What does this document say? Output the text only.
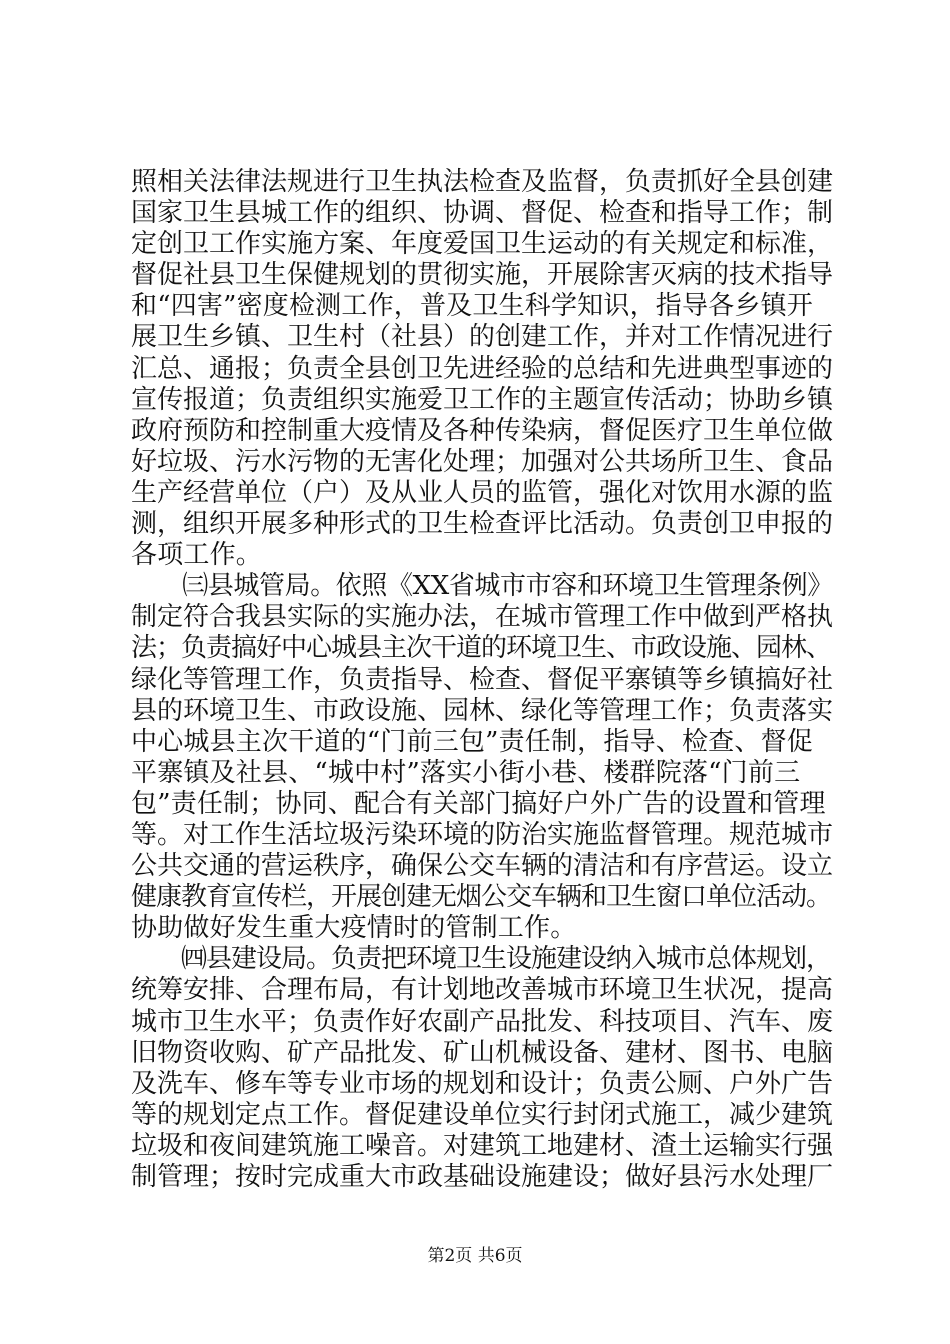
照相关法律法规进行卫生执法检查及监督，负责抓好全县创建
国家卫生县城工作的组织、协调、督促、检查和指导工作；制
定创卫工作实施方案、年度爱国卫生运动的有关规定和标准，
督促社县卫生保健规划的贯彻实施，开展除害灭病的技术指导
和“四害”密度检测工作，普及卫生科学知识，指导各乡镇开
展卫生乡镇、卫生村（社县）的创建工作，并对工作情况进行
汇总、通报；负责全县创卫先进经验的总结和先进典型事迹的
宣传报道；负责组织实施爱卫工作的主题宣传活动；协助乡镇
政府预防和控制重大疫情及各种传染病，督促医疗卫生单位做
好垃圾、污水污物的无害化处理；加强对公共场所卫生、食品
生产经营单位（户）及从业人员的监管，强化对饮用水源的监
测，组织开展多种形式的卫生检查评比活动。负责创卫申报的
各项工作。
　　㈢县城管局。依照《XX省城市市容和环境卫生管理条例》
制定符合我县实际的实施办法，在城市管理工作中做到严格执
法；负责搞好中心城县主次干道的环境卫生、市政设施、园林、
绿化等管理工作，负责指导、检查、督促平寨镇等乡镇搞好社
县的环境卫生、市政设施、园林、绿化等管理工作；负责落实
中心城县主次干道的“门前三包”责任制，指导、检查、督促
平寨镇及社县、“城中村”落实小街小巷、楼群院落“门前三
包”责任制；协同、配合有关部门搞好户外广告的设置和管理
等。对工作生活垃圾污染环境的防治实施监督管理。规范城市
公共交通的营运秩序，确保公交车辆的清洁和有序营运。设立
健康教育宣传栏，开展创建无烟公交车辆和卫生窗口单位活动。
协助做好发生重大疫情时的管制工作。
　　㈣县建设局。负责把环境卫生设施建设纳入城市总体规划，
统筹安排、合理布局，有计划地改善城市环境卫生状况，提高
城市卫生水平；负责作好农副产品批发、科技项目、汽车、废
旧物资收购、矿产品批发、矿山机械设备、建材、图书、电脑
及洗车、修车等专业市场的规划和设计；负责公厕、户外广告
等的规划定点工作。督促建设单位实行封闭式施工，减少建筑
垃圾和夜间建筑施工噪音。对建筑工地建材、渣土运输实行强
制管理；按时完成重大市政基础设施建设；做好县污水处理厂
第2页 共6页
